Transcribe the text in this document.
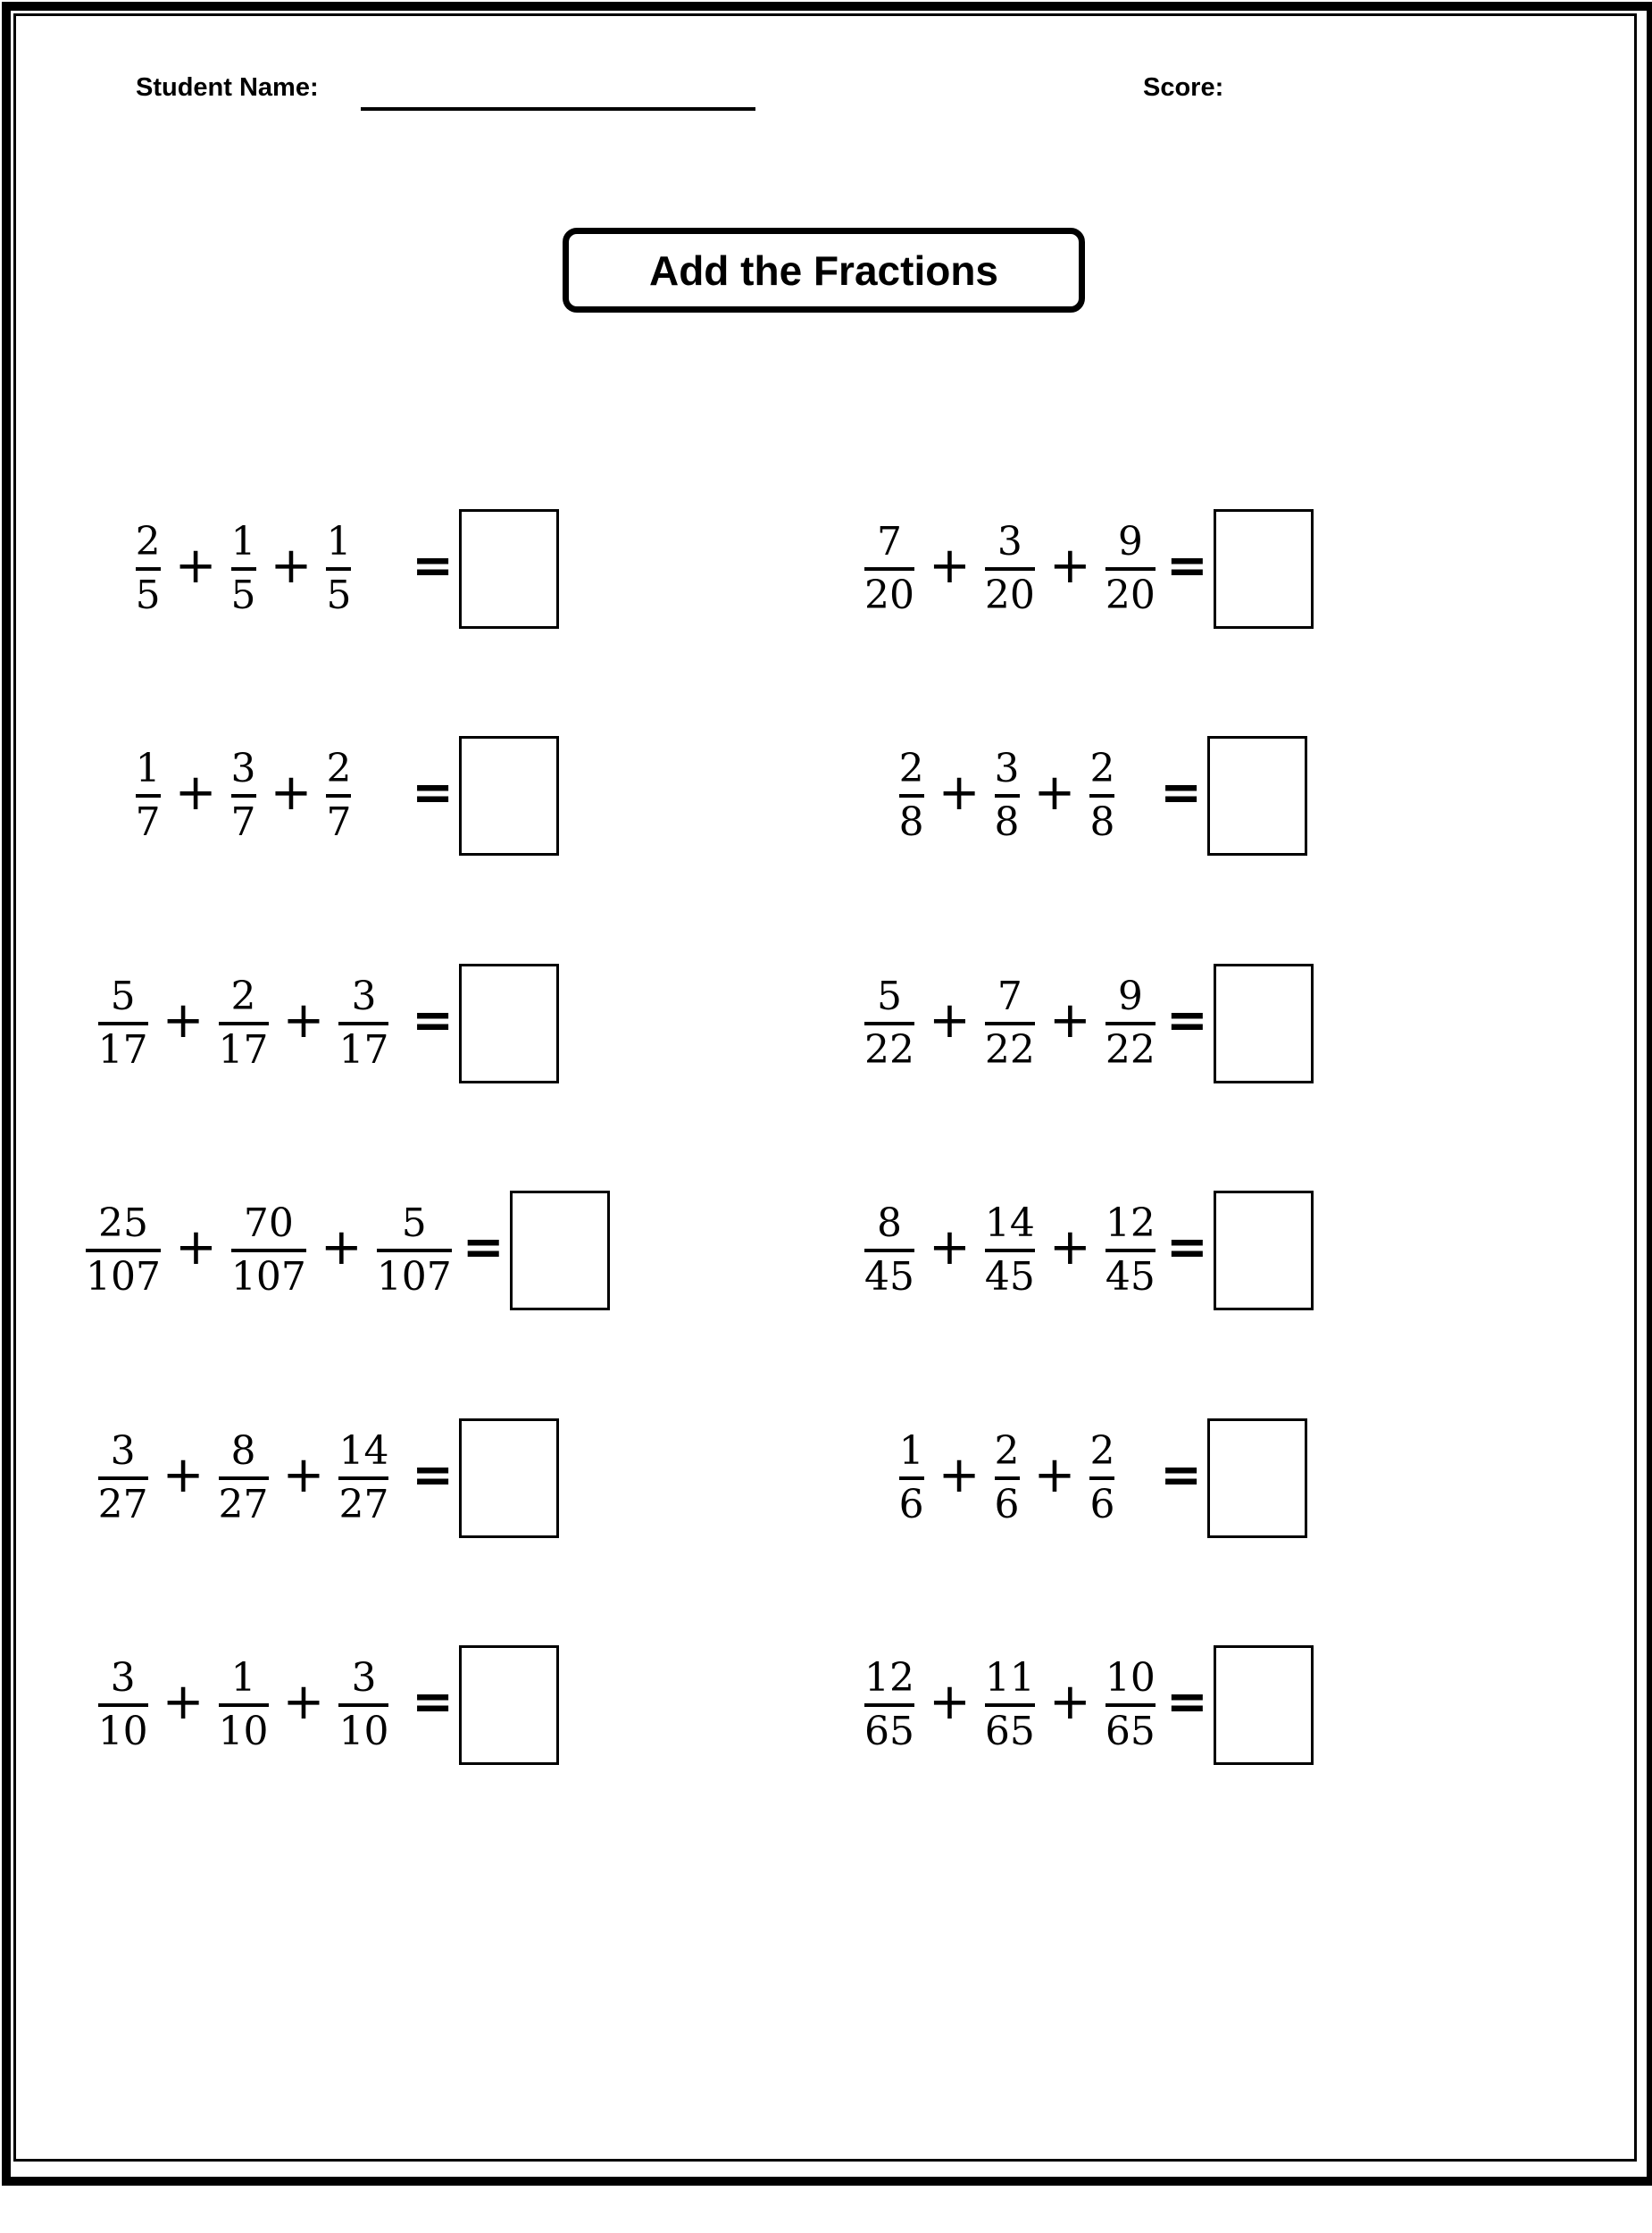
Student Name:	Score:
Add the Fractions
$\frac{2}{5} + \frac{1}{5} + \frac{1}{5}$ =
$\frac{1}{7} + \frac{3}{7} + \frac{2}{7}$ =
$\frac{5}{17} + \frac{2}{17} + \frac{3}{17}$ =
$\frac{25}{107} + \frac{70}{107} + \frac{5}{107}$ =
$\frac{3}{27} + \frac{8}{27} + \frac{14}{27}$ =
$\frac{3}{10} + \frac{1}{10} + \frac{3}{10}$ =
$\frac{7}{20} + \frac{3}{20} + \frac{9}{20}$ =
$\frac{2}{8} + \frac{3}{8} + \frac{2}{8}$ =
$\frac{5}{22} + \frac{7}{22} + \frac{9}{22}$ =
$\frac{8}{45} + \frac{14}{45} + \frac{12}{45}$ =
$\frac{1}{6} + \frac{2}{6} + \frac{2}{6}$ =
$\frac{12}{65} + \frac{11}{65} + \frac{10}{65}$ =
